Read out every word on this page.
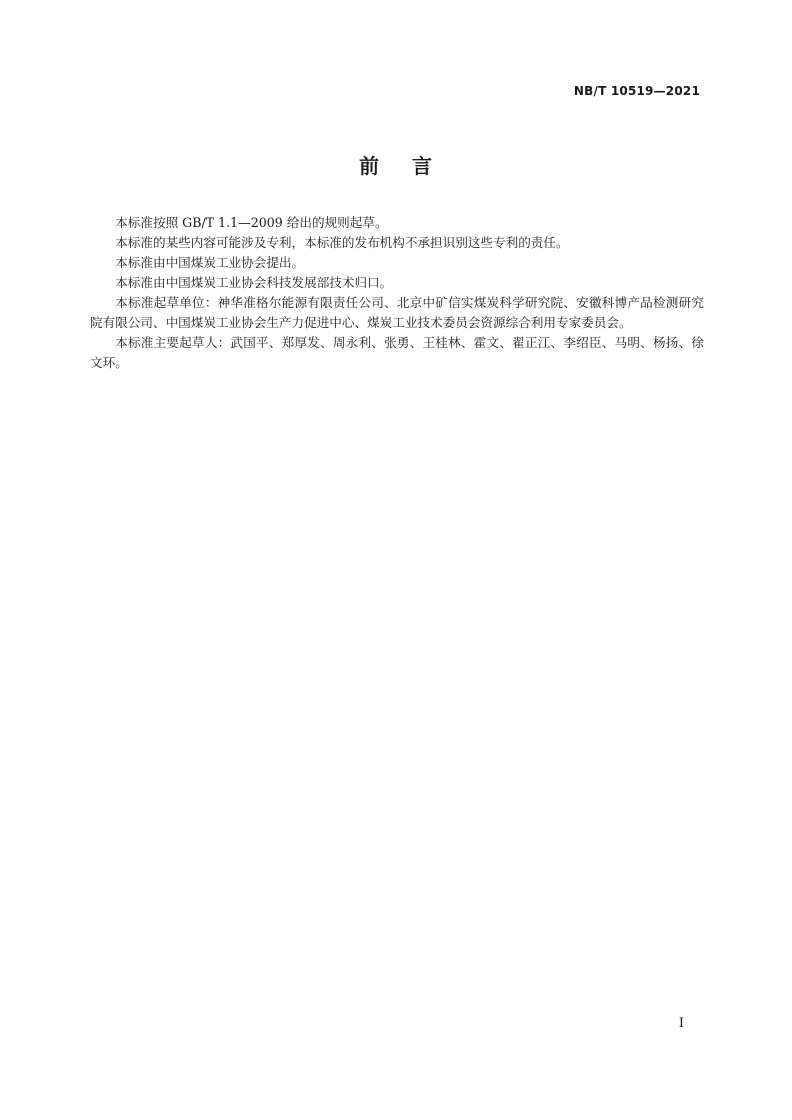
NB/T 10519—2021
前    言

本标准按照 GB/T 1.1—2009 给出的规则起草。

本标准的某些内容可能涉及专利，本标准的发布机构不承担识别这些专利的责任。

本标准由中国煤炭工业协会提出。

本标准由中国煤炭工业协会科技发展部技术归口。

本标准起草单位：神华准格尔能源有限责任公司、北京中矿信实煤炭科学研究院、安徽科博产品检测研究院有限公司、中国煤炭工业协会生产力促进中心、煤炭工业技术委员会资源综合利用专家委员会。

本标准主要起草人：武国平、郑厚发、周永利、张勇、王桂林、霍文、翟正江、李绍臣、马明、杨扬、徐文环。

I
